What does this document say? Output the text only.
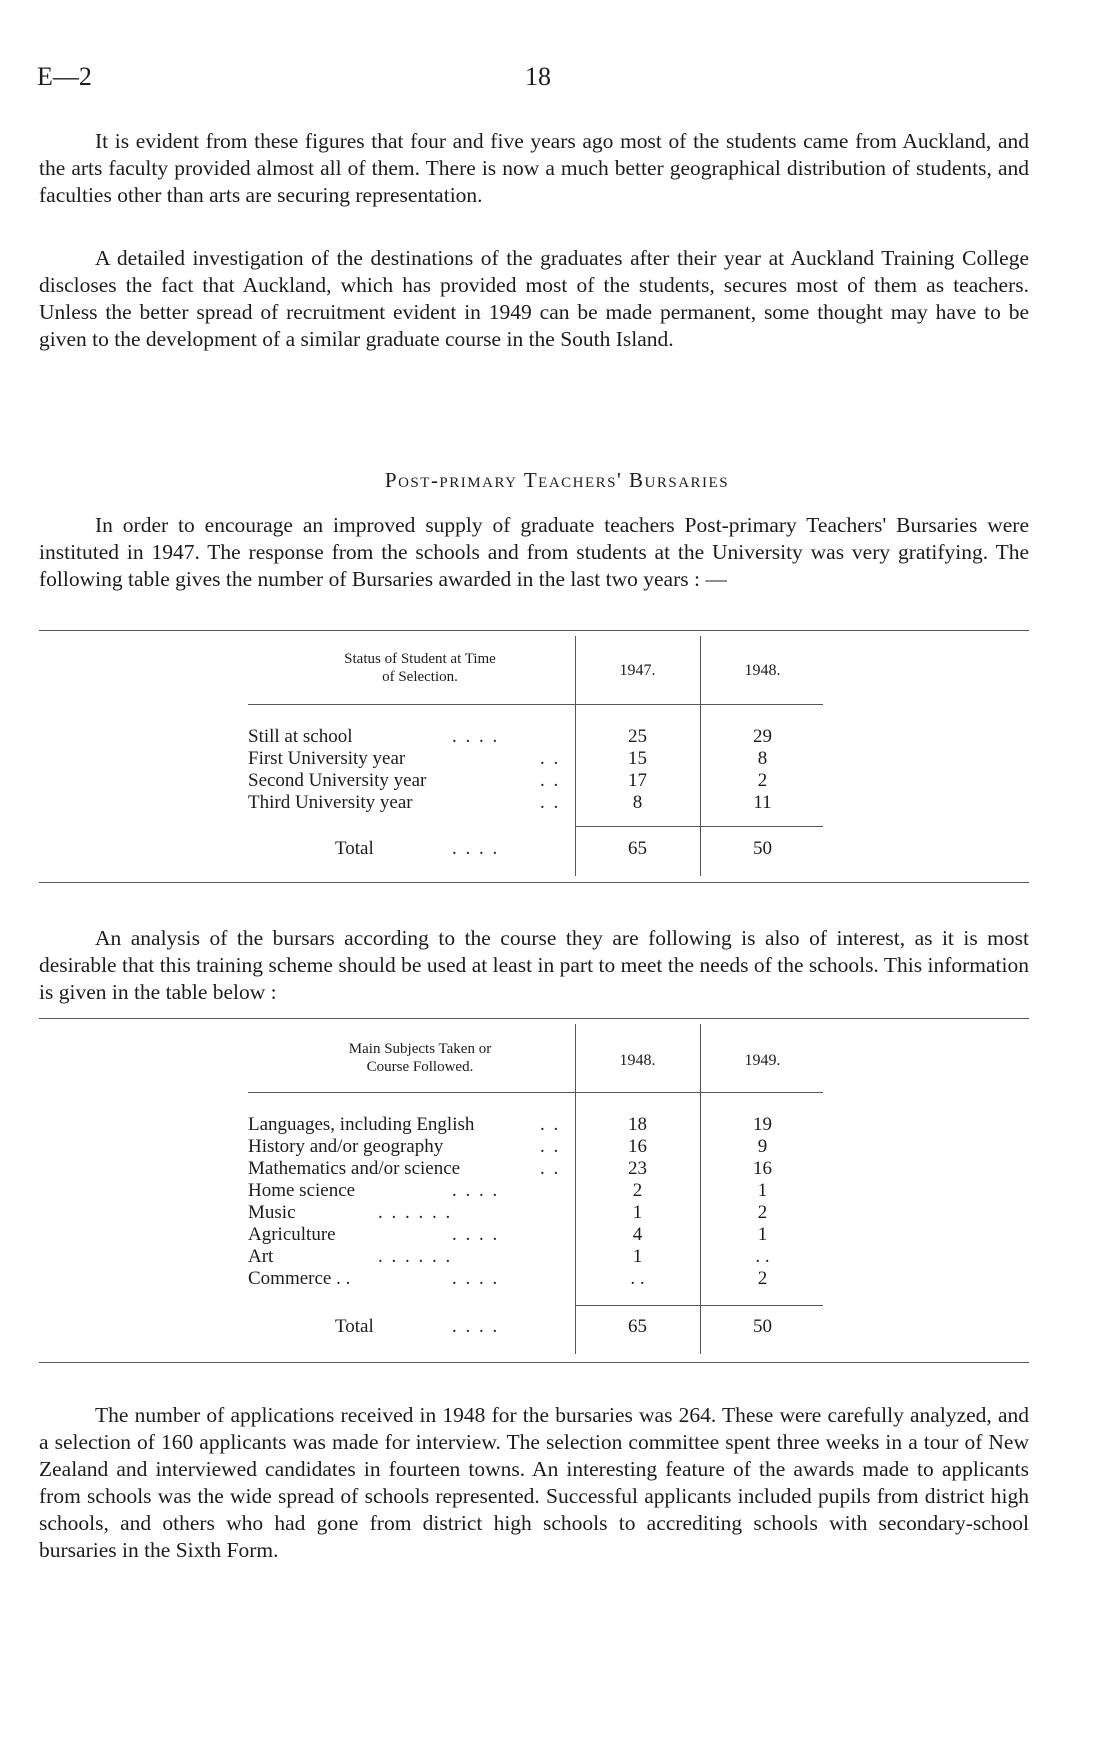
E—2	18

It is evident from these figures that four and five years ago most of the students came from Auckland, and the arts faculty provided almost all of them. There is now a much better geographical distribution of students, and faculties other than arts are securing representation.

A detailed investigation of the destinations of the graduates after their year at Auckland Training College discloses the fact that Auckland, which has provided most of the students, secures most of them as teachers. Unless the better spread of recruitment evident in 1949 can be made permanent, some thought may have to be given to the development of a similar graduate course in the South Island.

Post-primary Teachers' Bursaries

In order to encourage an improved supply of graduate teachers Post-primary Teachers' Bursaries were instituted in 1947. The response from the schools and from students at the University was very gratifying. The following table gives the number of Bursaries awarded in the last two years : —

Status of Student at Time
of Selection.	1947.	1948.
Still at school	. . . .	25	29
First University year	. .	15	8
Second University year	. .	17	2
Third University year	. .	8	11
Total	. . . .	65	50

An analysis of the bursars according to the course they are following is also of interest, as it is most desirable that this training scheme should be used at least in part to meet the needs of the schools. This information is given in the table below :

Main Subjects Taken or
Course Followed.	1948.	1949.
Languages, including English	. .	18	19
History and/or geography	. .	16	9
Mathematics and/or science	. .	23	16
Home science	. . . .	2	1
Music	. . . . . .	1	2
Agriculture	. . . .	4	1
Art	. . . . . .	1	. .
Commerce . .	. . . .	. .	2
Total	. . . .	65	50

The number of applications received in 1948 for the bursaries was 264. These were carefully analyzed, and a selection of 160 applicants was made for interview. The selection committee spent three weeks in a tour of New Zealand and interviewed candidates in fourteen towns. An interesting feature of the awards made to applicants from schools was the wide spread of schools represented. Successful applicants included pupils from district high schools, and others who had gone from district high schools to accrediting schools with secondary-school bursaries in the Sixth Form.
